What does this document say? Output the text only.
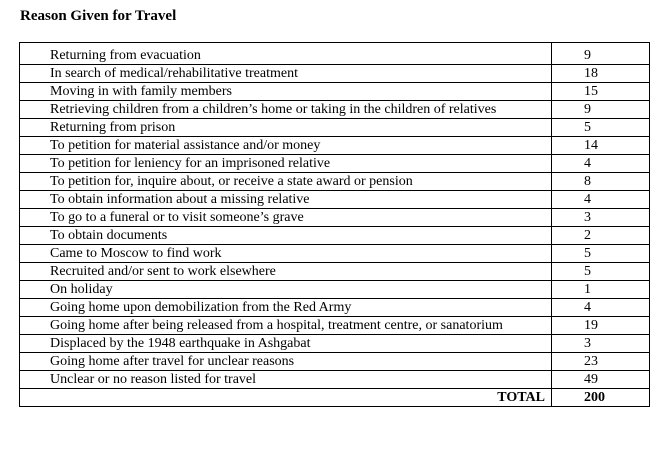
Reason Given for Travel
Returning from evacuation	9
In search of medical/rehabilitative treatment	18
Moving in with family members	15
Retrieving children from a children’s home or taking in the children of relatives	9
Returning from prison	5
To petition for material assistance and/or money	14
To petition for leniency for an imprisoned relative	4
To petition for, inquire about, or receive a state award or pension	8
To obtain information about a missing relative	4
To go to a funeral or to visit someone’s grave	3
To obtain documents	2
Came to Moscow to find work	5
Recruited and/or sent to work elsewhere	5
On holiday	1
Going home upon demobilization from the Red Army	4
Going home after being released from a hospital, treatment centre, or sanatorium	19
Displaced by the 1948 earthquake in Ashgabat	3
Going home after travel for unclear reasons	23
Unclear or no reason listed for travel	49
TOTAL	200
